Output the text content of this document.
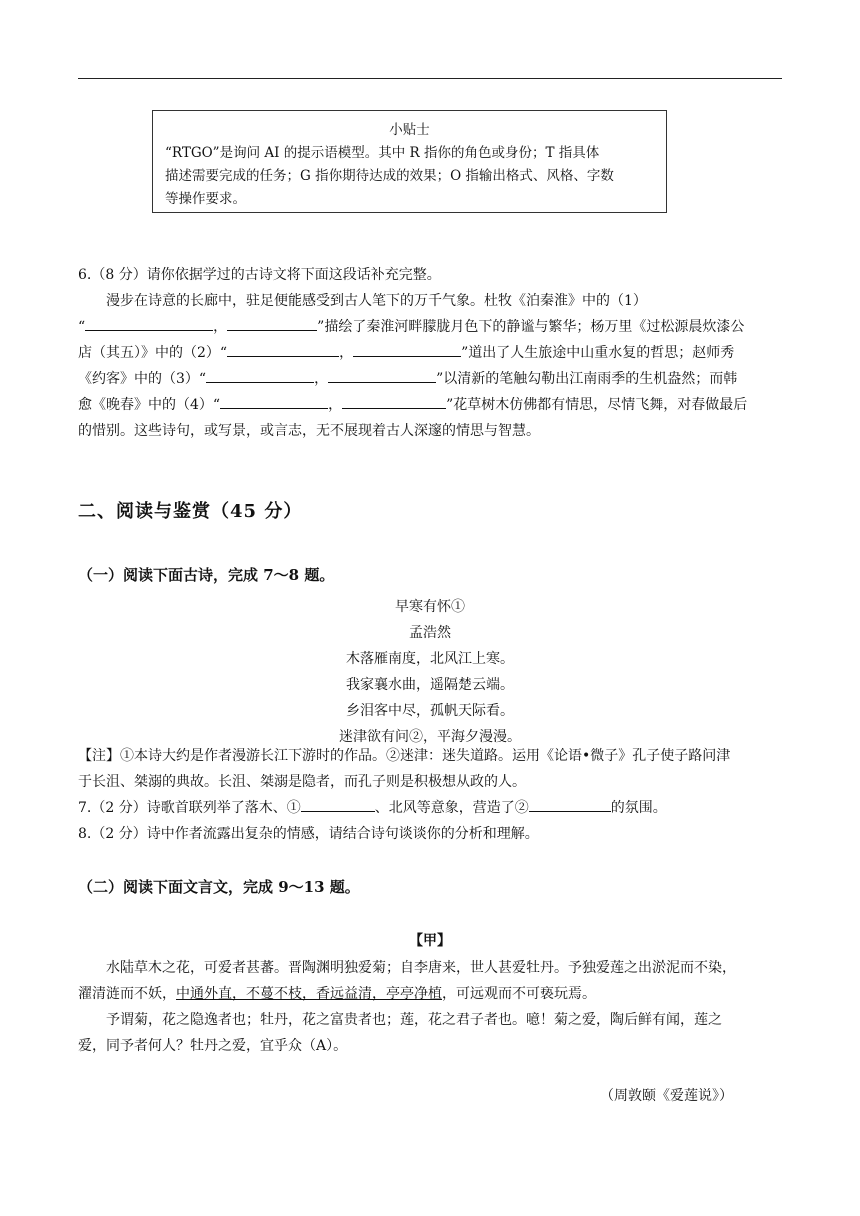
小贴士
“RTGO”是询问 AI 的提示语模型。其中 R 指你的角色或身份；T 指具体
描述需要完成的任务；G 指你期待达成的效果；O 指输出格式、风格、字数
等操作要求。
6.（8 分）请你依据学过的古诗文将下面这段话补充完整。
漫步在诗意的长廊中，驻足便能感受到古人笔下的万千气象。杜牧《泊秦淮》中的（1）
“	，	”描绘了秦淮河畔朦胧月色下的静谧与繁华；杨万里《过松源晨炊漆公
店（其五）》中的（2）“	，	”道出了人生旅途中山重水复的哲思；赵师秀
《约客》中的（3）“	，	”以清新的笔触勾勒出江南雨季的生机盎然；而韩
愈《晚春》中的（4）“	，	”花草树木仿佛都有情思，尽情飞舞，对春做最后
的惜别。这些诗句，或写景，或言志，无不展现着古人深邃的情思与智慧。
二、阅读与鉴赏（45 分）
（一）阅读下面古诗，完成 7～8 题。
早寒有怀①
孟浩然
木落雁南度，北风江上寒。
我家襄水曲，遥隔楚云端。
乡泪客中尽，孤帆天际看。
迷津欲有问②，平海夕漫漫。
【注】①本诗大约是作者漫游长江下游时的作品。②迷津：迷失道路。运用《论语•微子》孔子使子路问津
于长沮、桀溺的典故。长沮、桀溺是隐者，而孔子则是积极想从政的人。
7.（2 分）诗歌首联列举了落木、①	、北风等意象，营造了②	的氛围。
8.（2 分）诗中作者流露出复杂的情感，请结合诗句谈谈你的分析和理解。
（二）阅读下面文言文，完成 9～13 题。
【甲】
水陆草木之花，可爱者甚蕃。晋陶渊明独爱菊；自李唐来，世人甚爱牡丹。予独爱莲之出淤泥而不染，
濯清涟而不妖，中通外直，不蔓不枝，香远益清，亭亭净植，可远观而不可亵玩焉。
予谓菊，花之隐逸者也；牡丹，花之富贵者也；莲，花之君子者也。噫！菊之爱，陶后鲜有闻，莲之
爱，同予者何人？牡丹之爱，宜乎众（A）。
（周敦颐《爱莲说》）
